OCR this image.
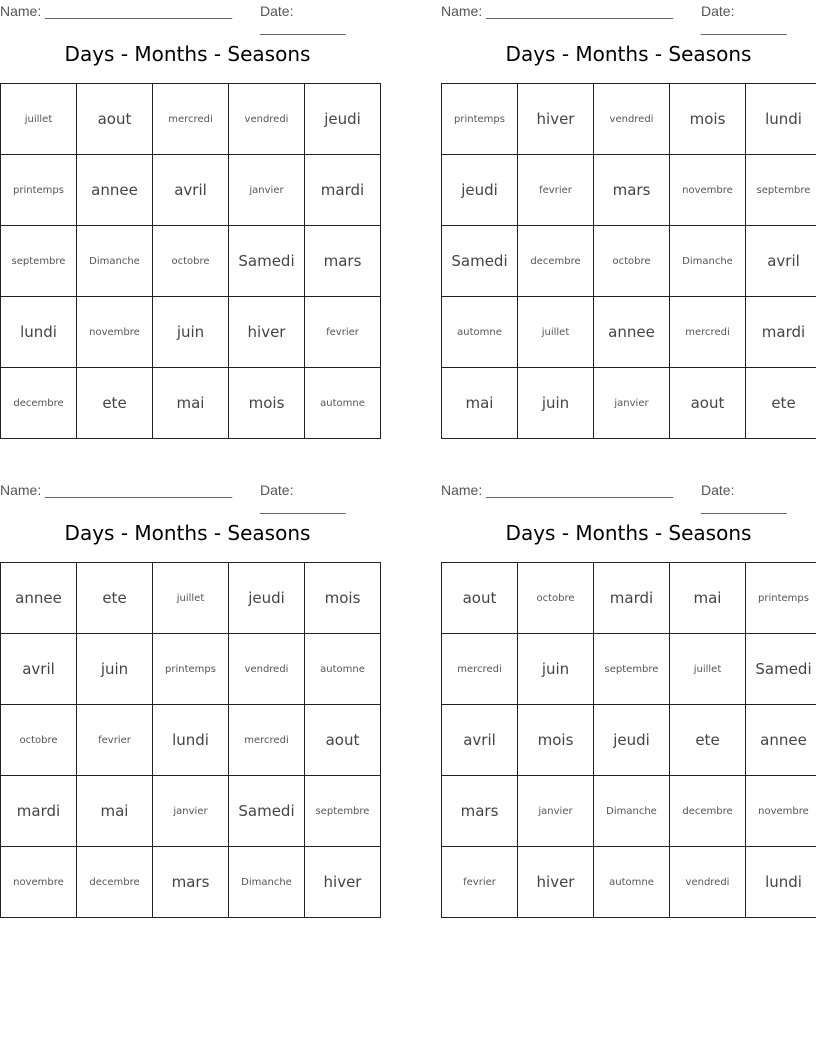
Name: ________________________ Date: ___________
Days - Months - Seasons
juillet	aout	mercredi	vendredi	jeudi
printemps	annee	avril	janvier	mardi
septembre	Dimanche	octobre	Samedi	mars
lundi	novembre	juin	hiver	fevrier
decembre	ete	mai	mois	automne
Name: ________________________ Date: ___________
Days - Months - Seasons
printemps	hiver	vendredi	mois	lundi
jeudi	fevrier	mars	novembre	septembre
Samedi	decembre	octobre	Dimanche	avril
automne	juillet	annee	mercredi	mardi
mai	juin	janvier	aout	ete
Name: ________________________ Date: ___________
Days - Months - Seasons
annee	ete	juillet	jeudi	mois
avril	juin	printemps	vendredi	automne
octobre	fevrier	lundi	mercredi	aout
mardi	mai	janvier	Samedi	septembre
novembre	decembre	mars	Dimanche	hiver
Name: ________________________ Date: ___________
Days - Months - Seasons
aout	octobre	mardi	mai	printemps
mercredi	juin	septembre	juillet	Samedi
avril	mois	jeudi	ete	annee
mars	janvier	Dimanche	decembre	novembre
fevrier	hiver	automne	vendredi	lundi
